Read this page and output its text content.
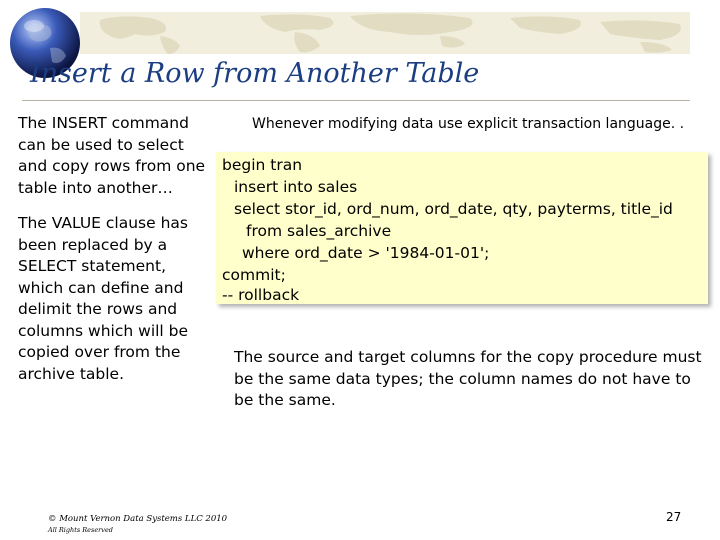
Insert a Row from Another Table

The INSERT command can be used to select and copy rows from one table into another…

The VALUE clause has been replaced by a SELECT statement, which can define and delimit the rows and columns which will be copied over from the archive table.

Whenever modifying data use explicit transaction language. .
begin tran
insert into sales
select stor_id, ord_num, ord_date, qty, payterms, title_id
from sales_archive
where ord_date > '1984-01-01';
commit;
-- rollback
The source and target columns for the copy procedure must be the same data types; the column names do not have to be the same.
© Mount Vernon Data Systems LLC 2010
All Rights Reserved
27
